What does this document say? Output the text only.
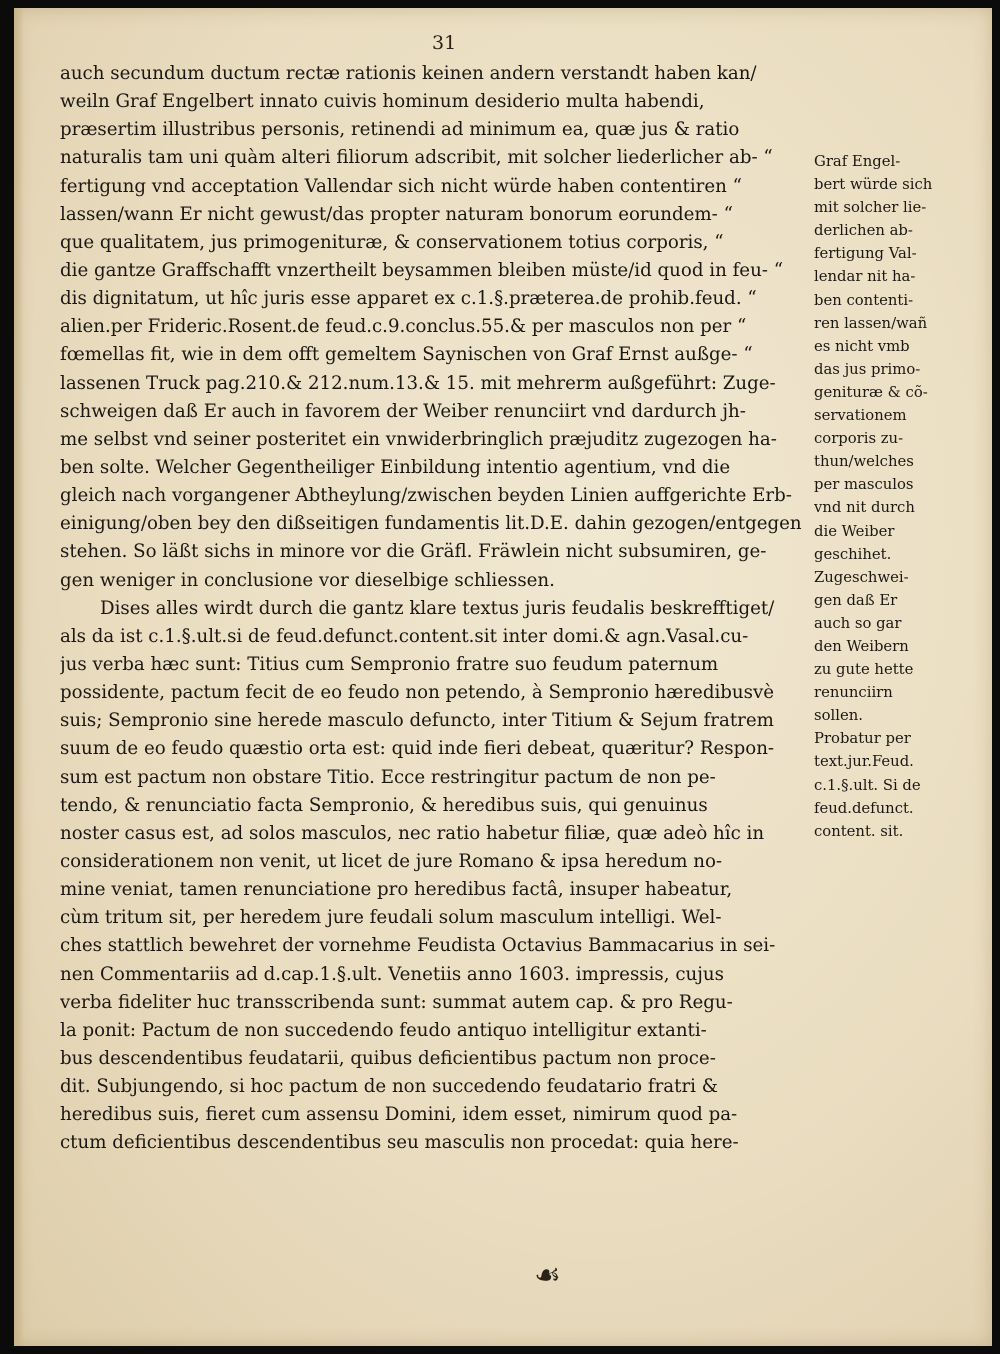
31
auch secundum ductum rectæ rationis keinen andern verstandt haben kan/
weiln Graf Engelbert innato cuivis hominum desiderio multa habendi,
præsertim illustribus personis, retinendi ad minimum ea, quæ jus & ratio
naturalis tam uni quàm alteri filiorum adscribit, mit solcher liederlicher ab- “
fertigung vnd acceptation Vallendar sich nicht würde haben contentiren “
lassen/wann Er nicht gewust/das propter naturam bonorum eorundem- “
que qualitatem, jus primogenituræ, & conservationem totius corporis, “
die gantze Graffschafft vnzertheilt beysammen bleiben müste/id quod in feu- “
dis dignitatum, ut hîc juris esse apparet ex c.1.§.præterea.de prohib.feud. “
alien.per Frideric.Rosent.de feud.c.9.conclus.55.& per masculos non per “
fœmellas fit, wie in dem offt gemeltem Saynischen von Graf Ernst außge- “
lassenen Truck pag.210.& 212.num.13.& 15. mit mehrerm außgeführt: Zuge-
schweigen daß Er auch in favorem der Weiber renunciirt vnd dardurch jh-
me selbst vnd seiner posteritet ein vnwiderbringlich præjuditz zugezogen ha-
ben solte. Welcher Gegentheiliger Einbildung intentio agentium, vnd die
gleich nach vorgangener Abtheylung/zwischen beyden Linien auffgerichte Erb-
einigung/oben bey den dißseitigen fundamentis lit.D.E. dahin gezogen/entgegen
stehen. So läßt sichs in minore vor die Gräfl. Fräwlein nicht subsumiren, ge-
gen weniger in conclusione vor dieselbige schliessen.
Dises alles wirdt durch die gantz klare textus juris feudalis beskrefftiget/
als da ist c.1.§.ult.si de feud.defunct.content.sit inter domi.& agn.Vasal.cu-
jus verba hæc sunt: Titius cum Sempronio fratre suo feudum paternum
possidente, pactum fecit de eo feudo non petendo, à Sempronio hæredibusvè
suis; Sempronio sine herede masculo defuncto, inter Titium & Sejum fratrem
suum de eo feudo quæstio orta est: quid inde fieri debeat, quæritur? Respon-
sum est pactum non obstare Titio. Ecce restringitur pactum de non pe-
tendo, & renunciatio facta Sempronio, & heredibus suis, qui genuinus
noster casus est, ad solos masculos, nec ratio habetur filiæ, quæ adeò hîc in
considerationem non venit, ut licet de jure Romano & ipsa heredum no-
mine veniat, tamen renunciatione pro heredibus factâ, insuper habeatur,
cùm tritum sit, per heredem jure feudali solum masculum intelligi. Wel-
ches stattlich bewehret der vornehme Feudista Octavius Bammacarius in sei-
nen Commentariis ad d.cap.1.§.ult. Venetiis anno 1603. impressis, cujus
verba fideliter huc transscribenda sunt: summat autem cap. & pro Regu-
la ponit: Pactum de non succedendo feudo antiquo intelligitur extanti-
bus descendentibus feudatarii, quibus deficientibus pactum non proce-
dit. Subjungendo, si hoc pactum de non succedendo feudatario fratri &
heredibus suis, fieret cum assensu Domini, idem esset, nimirum quod pa-
ctum deficientibus descendentibus seu masculis non procedat: quia here-
Graf Engel-
bert würde sich
mit solcher lie-
derlichen ab-
fertigung Val-
lendar nit ha-
ben contenti-
ren lassen/wañ
es nicht vmb
das jus primo-
genituræ & cõ-
servationem
corporis zu-
thun/welches
per masculos
vnd nit durch
die Weiber
geschihet.
Zugeschwei-
gen daß Er
auch so gar
den Weibern
zu gute hette
renunciirn
sollen.
Probatur per
text.jur.Feud.
c.1.§.ult. Si de
feud.defunct.
content. sit.
☙
